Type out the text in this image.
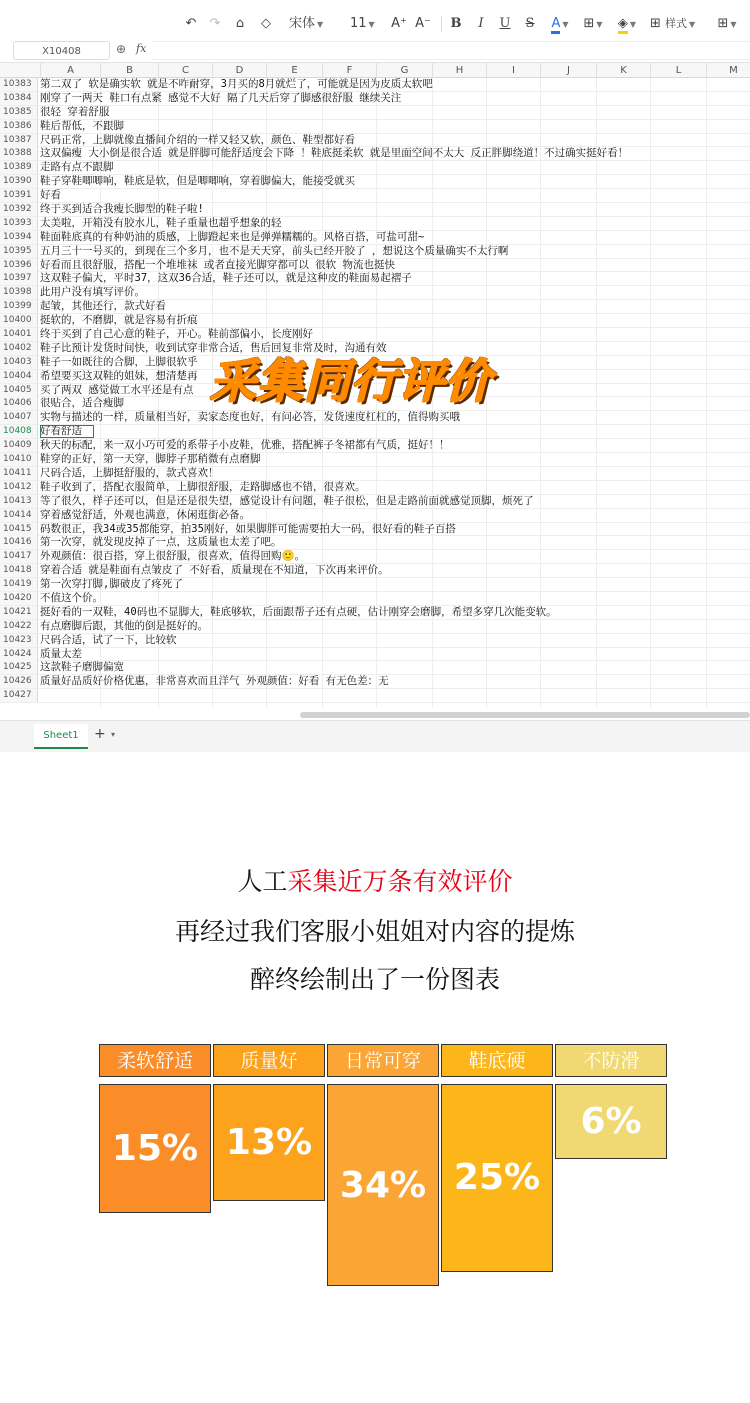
↶ ↷	⌂	◇	宋体 ▼	11 ▼	A⁺ A⁻ B	I	U S A ▼ ⊞ ▼	◈ ▼	⊞ 样式 ▼	⊞ ▼
X10408	⊕ fx
A	B	C	D	E	F	G	H	I	J	K	L	M
10383 第二双了 软是确实软 就是不咋耐穿，3月买的8月就烂了，可能就是因为皮质太软吧
10384 刚穿了一两天 鞋口有点紧 感觉不大好 隔了几天后穿了脚感很舒服 继续关注
10385 很轻 穿着舒服
10386 鞋后帮低，不跟脚
10387 尺码正常，上脚就像直播间介绍的一样又轻又软，颜色、鞋型都好看
10388 这双偏瘦 大小倒是很合适 就是胖脚可能舒适度会下降 ！鞋底挺柔软 就是里面空间不太大 反正胖脚绕道！不过确实挺好看！
10389 走路有点不跟脚
10390 鞋子穿鞋唧唧响，鞋底是软，但是唧唧响，穿着脚偏大，能接受就买
10391 好看
10392 终于买到适合我瘦长脚型的鞋子啦!
10393 太美啦，开箱没有胶水儿，鞋子重量也超乎想象的轻
10394 鞋面鞋底真的有种奶油的质感，上脚蹬起来也是弹弹糯糯的。风格百搭，可盐可甜~
10395 五月三十一号买的，到现在三个多月，也不是天天穿，前头已经开胶了 ，想说这个质量确实不太行啊
10396 好看而且很舒服，搭配一个堆堆袜 或者直接光脚穿都可以 很软 物流也挺快
10397 这双鞋子偏大，平时37，这双36合适，鞋子还可以，就是这种皮的鞋面易起褶子
10398 此用户没有填写评价。
10399 起皱，其他还行，款式好看
10400 挺软的，不磨脚，就是容易有折痕
10401 终于买到了自己心意的鞋子，开心。鞋前部偏小，长度刚好
10402 鞋子比预计发货时间快，收到试穿非常合适，售后回复非常及时，沟通有效
10403 鞋子一如既往的合脚，上脚很软乎
10404 希望要买这双鞋的姐妹，想清楚再
10405 买了两双 感觉做工水平还是有点
10406 很贴合，适合瘦脚
10407 实物与描述的一样，质量相当好，卖家态度也好，有问必答，发货速度杠杠的，值得购买哦
10408 好看舒适
10409 秋天的标配，来一双小巧可爱的系带子小皮鞋，优雅，搭配裤子冬裙都有气质，挺好！！
10410 鞋穿的正好，第一天穿，脚脖子那稍微有点磨脚
10411 尺码合适，上脚挺舒服的，款式喜欢！
10412 鞋子收到了，搭配衣服简单，上脚很舒服，走路脚感也不错，很喜欢。
10413 等了很久，样子还可以，但是还是很失望，感觉设计有问题，鞋子很松，但是走路前面就感觉顶脚，烦死了
10414 穿着感觉舒适，外观也满意，休闲逛街必备。
10415 码数很正，我34或35都能穿，拍35刚好，如果脚胖可能需要拍大一码，很好看的鞋子百搭
10416 第一次穿，就发现皮掉了一点，这质量也太差了吧。
10417 外观颜值：很百搭，穿上很舒服，很喜欢，值得回购🙂。
10418 穿着合适 就是鞋面有点皱皮了 不好看，质量现在不知道，下次再来评价。
10419 第一次穿打脚,脚破皮了疼死了
10420 不值这个价。
10421 挺好看的一双鞋，40码也不显脚大，鞋底够软，后面跟帮子还有点硬，估计刚穿会磨脚，希望多穿几次能变软。
10422 有点磨脚后跟，其他的倒是挺好的。
10423 尺码合适，试了一下，比较软
10424 质量太差
10425 这款鞋子磨脚偏宽
10426 质量好品质好价格优惠，非常喜欢而且洋气 外观颜值：好看 有无色差：无
10427
Sheet1	+ ▾
采集同行评价
人工采集近万条有效评价
再经过我们客服小姐姐对内容的提炼
醉终绘制出了一份图表
柔软舒适
15%
质量好
13%
日常可穿
34%
鞋底硬
25%
不防滑
6%
